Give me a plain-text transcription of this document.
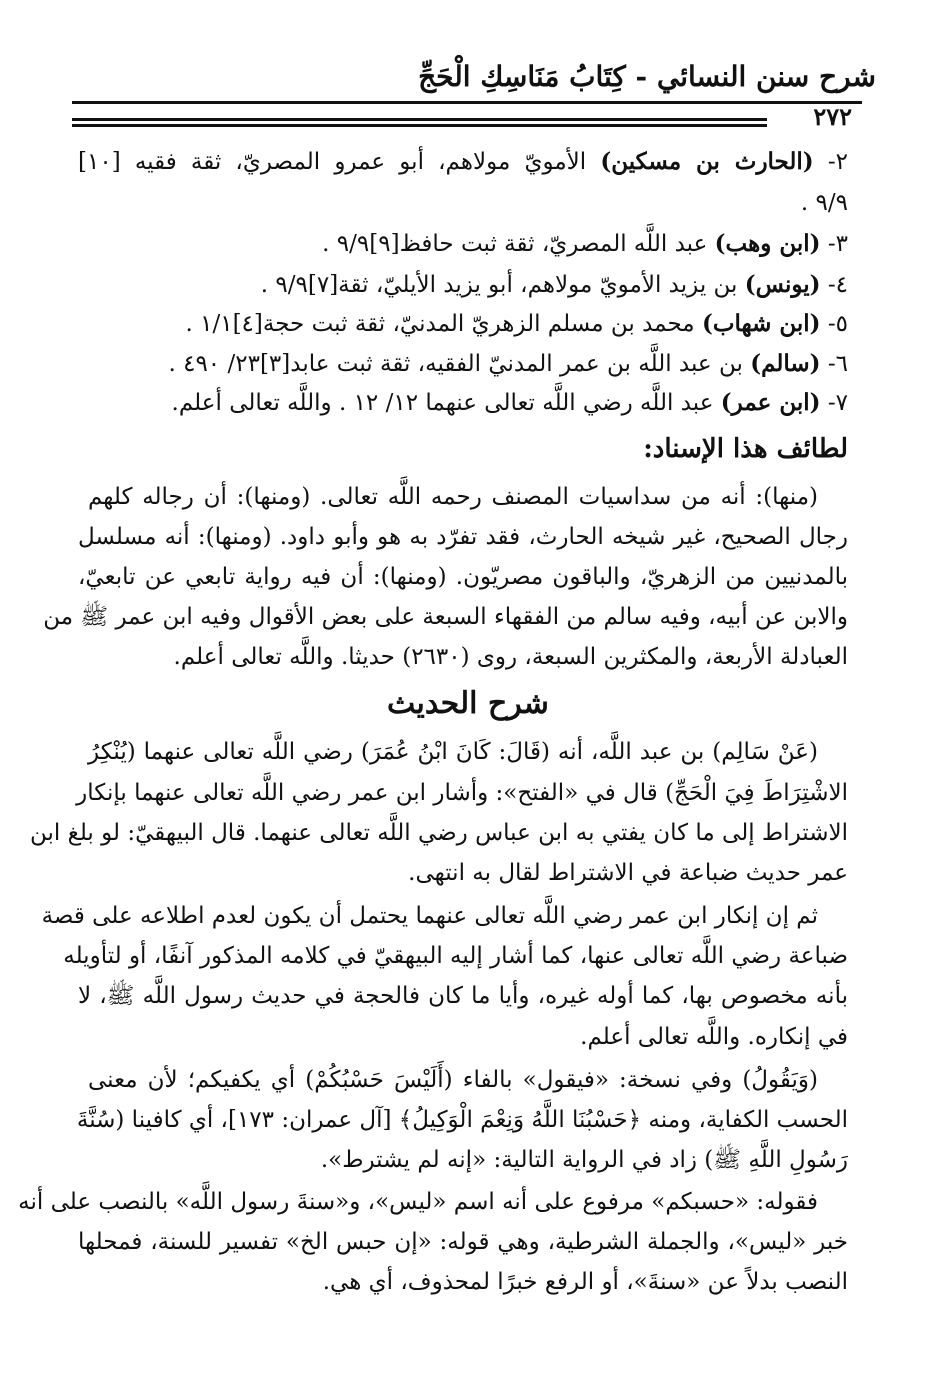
شرح سنن النسائي - كِتَابُ مَنَاسِكِ الْحَجِّ
٢٧٢
٢- (الحارث بن مسكين) الأمويّ مولاهم، أبو عمرو المصريّ، ثقة فقيه [١٠]
٩/٩ .
٣- (ابن وهب) عبد اللَّه المصريّ، ثقة ثبت حافظ[٩]٩/٩ .
٤- (يونس) بن يزيد الأمويّ مولاهم، أبو يزيد الأيليّ، ثقة[٧]٩/٩ .
٥- (ابن شهاب) محمد بن مسلم الزهريّ المدنيّ، ثقة ثبت حجة[٤]١/١ .
٦- (سالم) بن عبد اللَّه بن عمر المدنيّ الفقيه، ثقة ثبت عابد[٣]٢٣/ ٤٩٠ .
٧- (ابن عمر) عبد اللَّه رضي اللَّه تعالى عنهما ١٢/ ١٢ . واللَّه تعالى أعلم.
لطائف هذا الإسناد:
(منها): أنه من سداسيات المصنف رحمه اللَّه تعالى. (ومنها): أن رجاله كلهم
رجال الصحيح، غير شيخه الحارث، فقد تفرّد به هو وأبو داود. (ومنها): أنه مسلسل
بالمدنيين من الزهريّ، والباقون مصريّون. (ومنها): أن فيه رواية تابعي عن تابعيّ،
والابن عن أبيه، وفيه سالم من الفقهاء السبعة على بعض الأقوال وفيه ابن عمر ﷺ من
العبادلة الأربعة، والمكثرين السبعة، روى (٢٦٣٠) حديثا. واللَّه تعالى أعلم.
شرح الحديث
(عَنْ سَالِم) بن عبد اللَّه، أنه (قَالَ: كَانَ ابْنُ عُمَرَ) رضي اللَّه تعالى عنهما (يُنْكِرُ
الاشْتِرَاطَ فِيَ الْحَجِّ) قال في «الفتح»: وأشار ابن عمر رضي اللَّه تعالى عنهما بإنكار
الاشتراط إلى ما كان يفتي به ابن عباس رضي اللَّه تعالى عنهما. قال البيهقيّ: لو بلغ ابن
عمر حديث ضباعة في الاشتراط لقال به انتهى.
ثم إن إنكار ابن عمر رضي اللَّه تعالى عنهما يحتمل أن يكون لعدم اطلاعه على قصة
ضباعة رضي اللَّه تعالى عنها، كما أشار إليه البيهقيّ في كلامه المذكور آنفًا، أو لتأويله
بأنه مخصوص بها، كما أوله غيره، وأيا ما كان فالحجة في حديث رسول اللَّه ﷺ، لا
في إنكاره. واللَّه تعالى أعلم.
(وَيَقُولُ) وفي نسخة: «فيقول» بالفاء (أَلَيْسَ حَسْبُكُمْ) أي يكفيكم؛ لأن معنى
الحسب الكفاية، ومنه ﴿حَسْبُنَا اللَّهُ وَنِعْمَ الْوَكِيلُ﴾ [آل عمران: ١٧٣]، أي كافينا (سُنَّةَ
رَسُولِ اللَّهِ ﷺ) زاد في الرواية التالية: «إنه لم يشترط».
فقوله: «حسبكم» مرفوع على أنه اسم «ليس»، و«سنةَ رسول اللَّه» بالنصب على أنه
خبر «ليس»، والجملة الشرطية، وهي قوله: «إن حبس الخ» تفسير للسنة، فمحلها
النصب بدلاً عن «سنةَ»، أو الرفع خبرًا لمحذوف، أي هي.
